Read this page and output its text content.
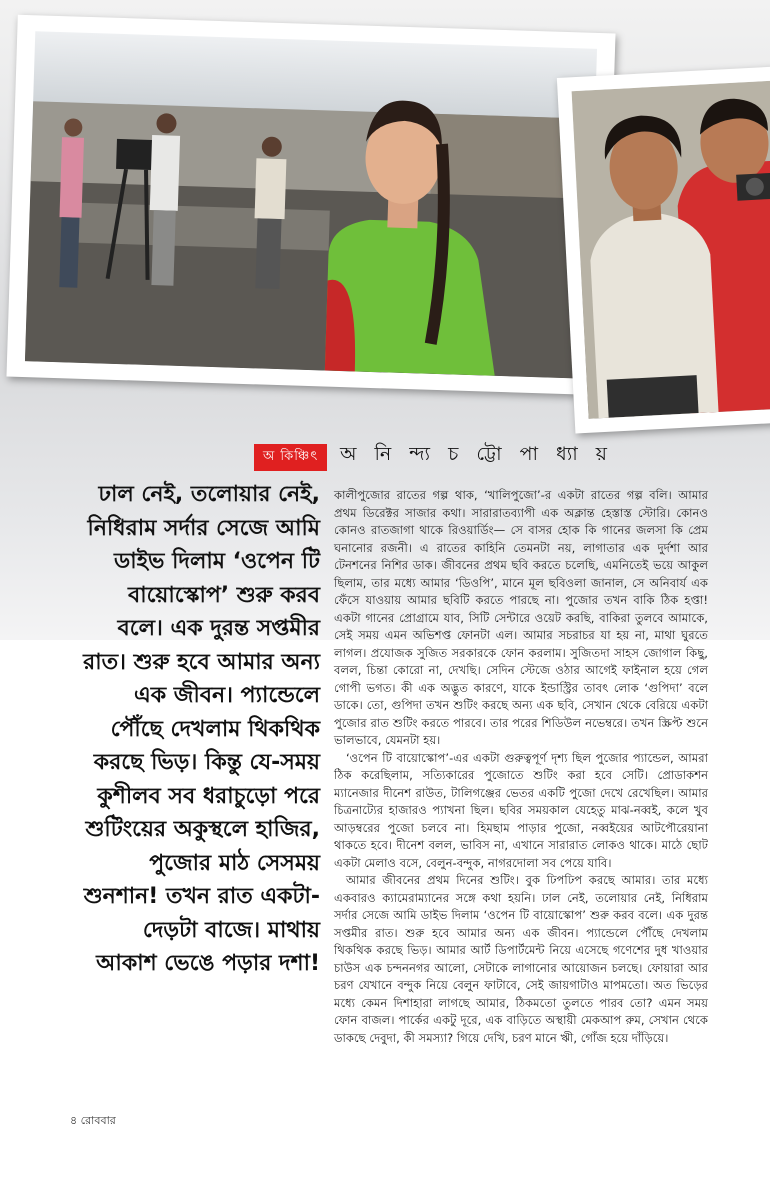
অ কিঞ্চিৎ	অ নি ন্দ্য চ ট্টো পা ধ্যা য়
ঢাল নেই, তলোয়ার নেই, নিধিরাম সর্দার সেজে আমি ডাইভ দিলাম ‘ওপেন টি বায়োস্কোপ’ শুরু করব বলে। এক দুরন্ত সপ্তমীর রাত। শুরু হবে আমার অন্য এক জীবন। প্যান্ডেলে পৌঁছে দেখলাম থিকথিক করছে ভিড়। কিন্তু যে-সময় কুশীলব সব ধরাচুড়ো পরে শুটিংয়ের অকুস্থলে হাজির, পুজোর মাঠ সেসময় শুনশান! তখন রাত একটা-দেড়টা বাজে। মাথায় আকাশ ভেঙে পড়ার দশা!

কালীপুজোর রাতের গল্প থাক, ‘খালিপুজো’-র একটা রাতের গল্প বলি। আমার প্রথম ডিরেক্টর সাজার কথা। সারারাতব্যাপী এক অক্লান্ত হেস্তাস্ত স্টোরি। কোনও কোনও রাতজাগা থাকে রিওয়ার্ডিং— সে বাসর হোক কি গানের জলসা কি প্রেম ঘনানোর রজনী। এ রাতের কাহিনি তেমনটা নয়, লাগাতার এক দুর্দশা আর টেনশনের নিশির ডাক। জীবনের প্রথম ছবি করতে চলেছি, এমনিতেই ভয়ে আকুল ছিলাম, তার মধ্যে আমার ‘ডিওপি’, মানে মূল ছবিওলা জানাল, সে অনিবার্য এক ফেঁসে যাওয়ায় আমার ছবিটি করতে পারছে না। পুজোর তখন বাকি ঠিক হপ্তা! একটা গানের প্রোগ্রামে যাব, সিটি সেন্টারে ওয়েট করছি, বাকিরা তুলবে আমাকে, সেই সময় এমন অভিশপ্ত ফোনটা এল। আমার সচরাচর যা হয় না, মাথা ঘুরতে লাগল। প্রযোজক সুজিত সরকারকে ফোন করলাম। সুজিতদা সাহস জোগাল কিছু, বলল, চিন্তা কোরো না, দেখছি। সেদিন স্টেজে ওঠার আগেই ফাইনাল হয়ে গেল গোপী ভগত। কী এক অদ্ভুত কারণে, যাকে ইন্ডাস্ট্রির তাবৎ লোক ‘গুপিদা’ বলে ডাকে। তো, গুপিদা তখন শুটিং করছে অন্য এক ছবি, সেখান থেকে বেরিয়ে একটা পুজোর রাত শুটিং করতে পারবে। তার পরের শিডিউল নভেম্বরে। তখন স্ক্রিপ্ট শুনে ভালভাবে, যেমনটা হয়।

‘ওপেন টি বায়োস্কোপ’-এর একটা গুরুত্বপূর্ণ দৃশ্য ছিল পুজোর প্যান্ডেল, আমরা ঠিক করেছিলাম, সত্যিকারের পুজোতে শুটিং করা হবে সেটি। প্রোডাকশন ম্যানেজার দীনেশ রাউত, টালিগঞ্জের ভেতর একটি পুজো দেখে রেখেছিল। আমার চিত্রনাট্যের হাজারও প্যাখনা ছিল। ছবির সময়কাল যেহেতু মাঝ-নব্বই, কলে খুব আড়ম্বরের পুজো চলবে না। হিমছাম পাড়ার পুজো, নব্বইয়ের আটপৌরেয়ানা থাকতে হবে। দীনেশ বলল, ভাবিস না, এখানে সারারাত লোকও থাকে। মাঠে ছোট একটা মেলাও বসে, বেলুন-বন্দুক, নাগরদোলা সব পেয়ে যাবি।

আমার জীবনের প্রথম দিনের শুটিং। বুক ঢিপঢিপ করছে আমার। তার মধ্যে একবারও ক্যামেরাম্যানের সঙ্গে কথা হয়নি। ঢাল নেই, তলোয়ার নেই, নিধিরাম সর্দার সেজে আমি ডাইভ দিলাম ‘ওপেন টি বায়োস্কোপ’ শুরু করব বলে। এক দুরন্ত সপ্তমীর রাত। শুরু হবে আমার অন্য এক জীবন। প্যান্ডেলে পৌঁছে দেখলাম থিকথিক করছে ভিড়। আমার আর্ট ডিপার্টমেন্ট নিয়ে এসেছে গণেশের দুধ খাওয়ার চাউস এক চন্দননগর আলো, সেটাকে লাগানোর আয়োজন চলছে। ফোয়ারা আর চরণ যেখানে বন্দুক নিয়ে বেলুন ফাটাবে, সেই জায়গাটাও মাপমতো। অত ভিড়ের মধ্যে কেমন দিশাহারা লাগছে আমার, ঠিকমতো তুলতে পারব তো? এমন সময় ফোন বাজল। পার্কের একটু দূরে, এক বাড়িতে অস্থায়ী মেকআপ রুম, সেখান থেকে ডাকছে দেবুদা, কী সমস্যা? গিয়ে দেখি, চরণ মানে ঋী, গোঁজ হয়ে দাঁড়িয়ে।

৪ রোববার
